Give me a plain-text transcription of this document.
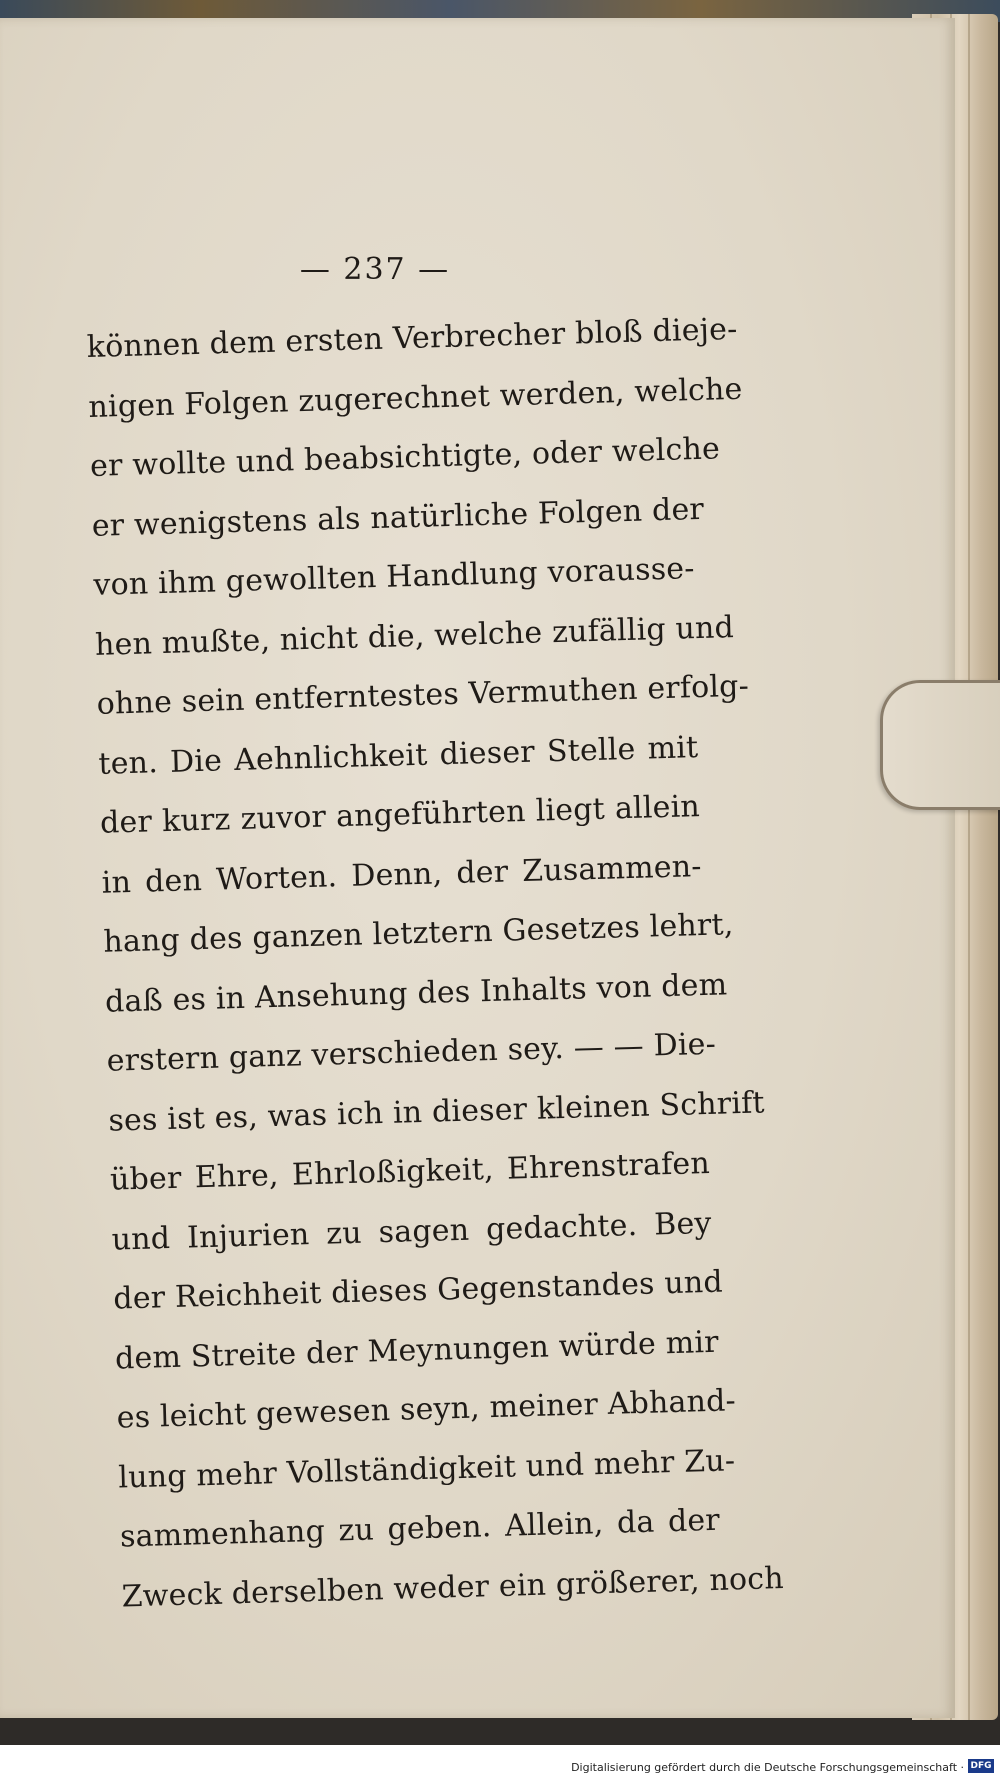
— 237 —
können dem ersten Verbrecher bloß dieje-
nigen Folgen zugerechnet werden, welche
er wollte und beabsichtigte, oder welche
er wenigstens als natürliche Folgen der
von ihm gewollten Handlung voraussе-
hen mußte, nicht die, welche zufällig und
ohne sein entferntestes Vermuthen erfolg-
ten. Die Aehnlichkeit dieser Stelle mit
der kurz zuvor angeführten liegt allein
in den Worten. Denn, der Zusammen-
hang des ganzen letztern Gesetzes lehrt,
daß es in Ansehung des Inhalts von dem
erstern ganz verschieden sey. — — Die-
ses ist es, was ich in dieser kleinen Schrift
über Ehre, Ehrloßigkeit, Ehrenstrafen
und Injurien zu sagen gedachte. Bey
der Reichheit dieses Gegenstandes und
dem Streite der Meynungen würde mir
es leicht gewesen seyn, meiner Abhand-
lung mehr Vollständigkeit und mehr Zu-
sammenhang zu geben. Allein, da der
Zweck derselben weder ein größerer, noch
Digitalisierung gefördert durch die Deutsche Forschungsgemeinschaft · DFG
